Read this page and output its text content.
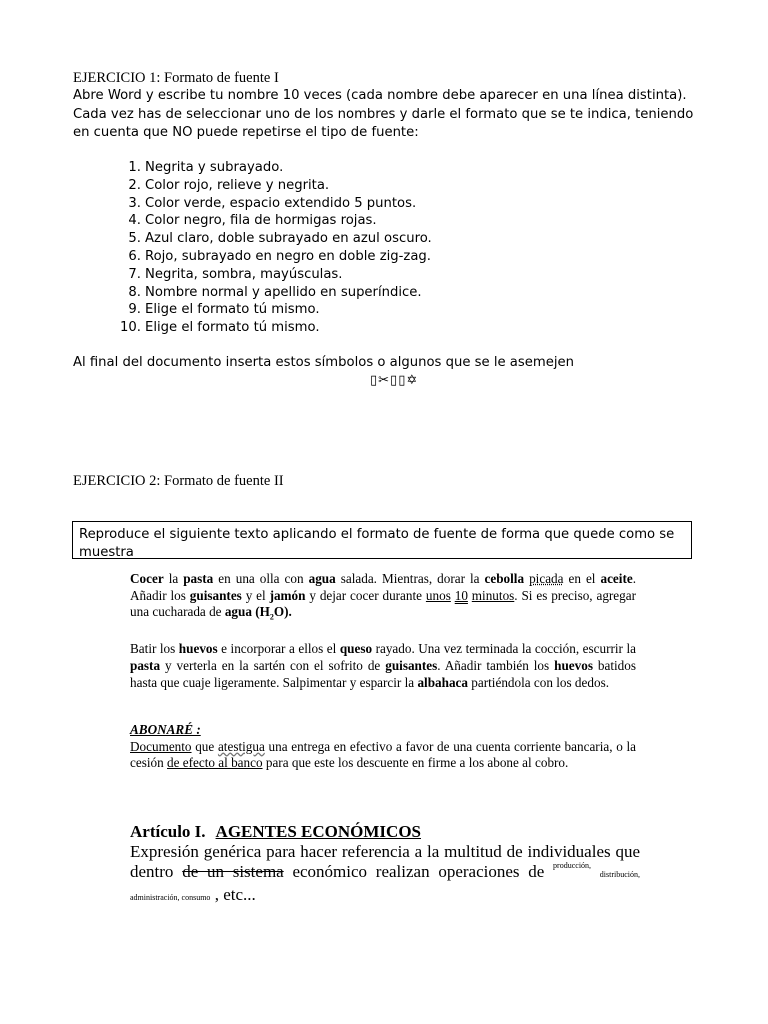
EJERCICIO 1: Formato de fuente I
Abre Word y escribe tu nombre 10 veces (cada nombre debe aparecer en una línea distinta). Cada vez has de seleccionar uno de los nombres y darle el formato que se te indica, teniendo en cuenta que NO puede repetirse el tipo de fuente:
1. Negrita y subrayado.
2. Color rojo, relieve y negrita.
3. Color verde, espacio extendido 5 puntos.
4. Color negro, fila de hormigas rojas.
5. Azul claro, doble subrayado en azul oscuro.
6. Rojo, subrayado en negro en doble zig-zag.
7. Negrita, sombra, mayúsculas.
8. Nombre normal y apellido en superíndice.
9. Elige el formato tú mismo.
10. Elige el formato tú mismo.
Al final del documento inserta estos símbolos o algunos que se le asemejen
▯✂▯▯✡
EJERCICIO 2: Formato de fuente II
Reproduce el siguiente texto aplicando el formato de fuente de forma que quede como se muestra

Cocer la pasta en una olla con agua salada. Mientras, dorar la cebolla picada en el aceite. Añadir los guisantes y el jamón y dejar cocer durante unos 10 minutos. Si es preciso, agregar una cucharada de agua $(H_2O)$.

Batir los huevos e incorporar a ellos el queso rayado. Una vez terminada la cocción, escurrir la pasta y verterla en la sartén con el sofrito de guisantes. Añadir también los huevos batidos hasta que cuaje ligeramente. Salpimentar y esparcir la albahaca partiéndola con los dedos.

ABONARÉ :
Documento que atestigua una entrega en efectivo a favor de una cuenta corriente bancaria, o la cesión de efecto al banco para que este los descuente en firme a los abone al cobro.
Artículo I. AGENTES ECONÓMICOS
Expresión genérica para hacer referencia a la multitud de individuales que dentro de un sistema económico realizan operaciones de $^{producción,}$ distribución, administración, consumo , etc...
